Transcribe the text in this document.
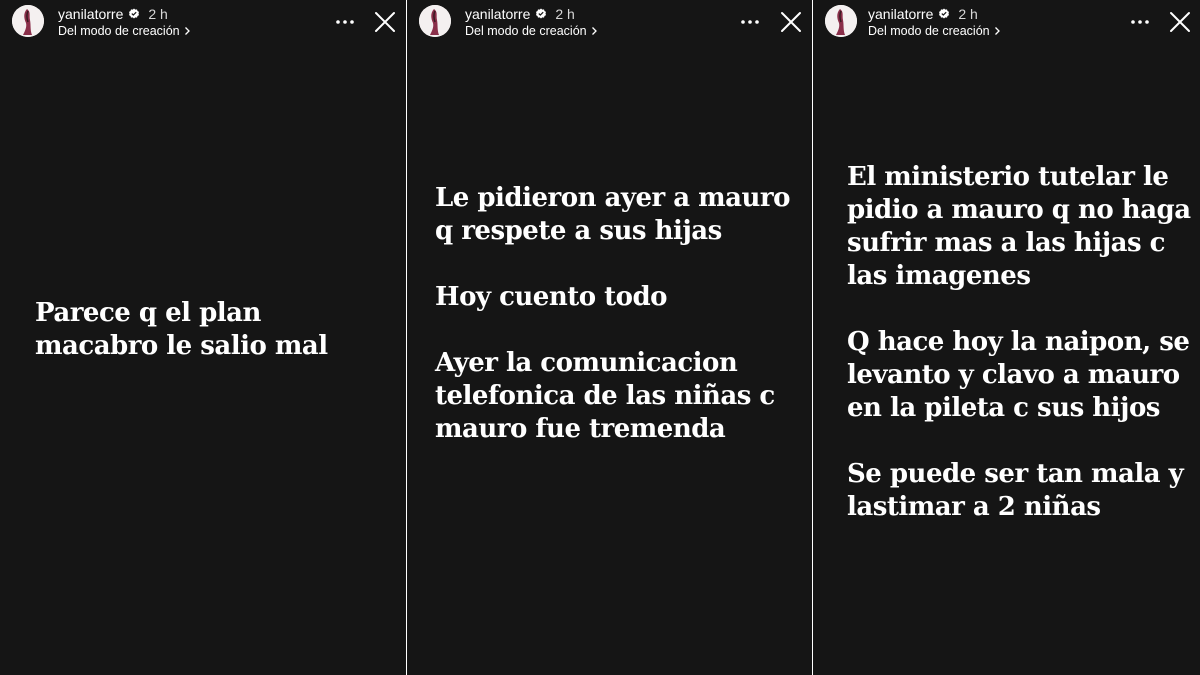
yanilatorre 2 h
Del modo de creación

Parece q el plan

macabro le salio mal

yanilatorre 2 h
Del modo de creación

Le pidieron ayer a mauro

q respete a sus hijas

Hoy cuento todo

Ayer la comunicacion

telefonica de las niñas c

mauro fue tremenda

yanilatorre 2 h
Del modo de creación

El ministerio tutelar le

pidio a mauro q no haga

sufrir mas a las hijas c

las imagenes

Q hace hoy la naipon, se

levanto y clavo a mauro

en la pileta c sus hijos

Se puede ser tan mala y

lastimar a 2 niñas
